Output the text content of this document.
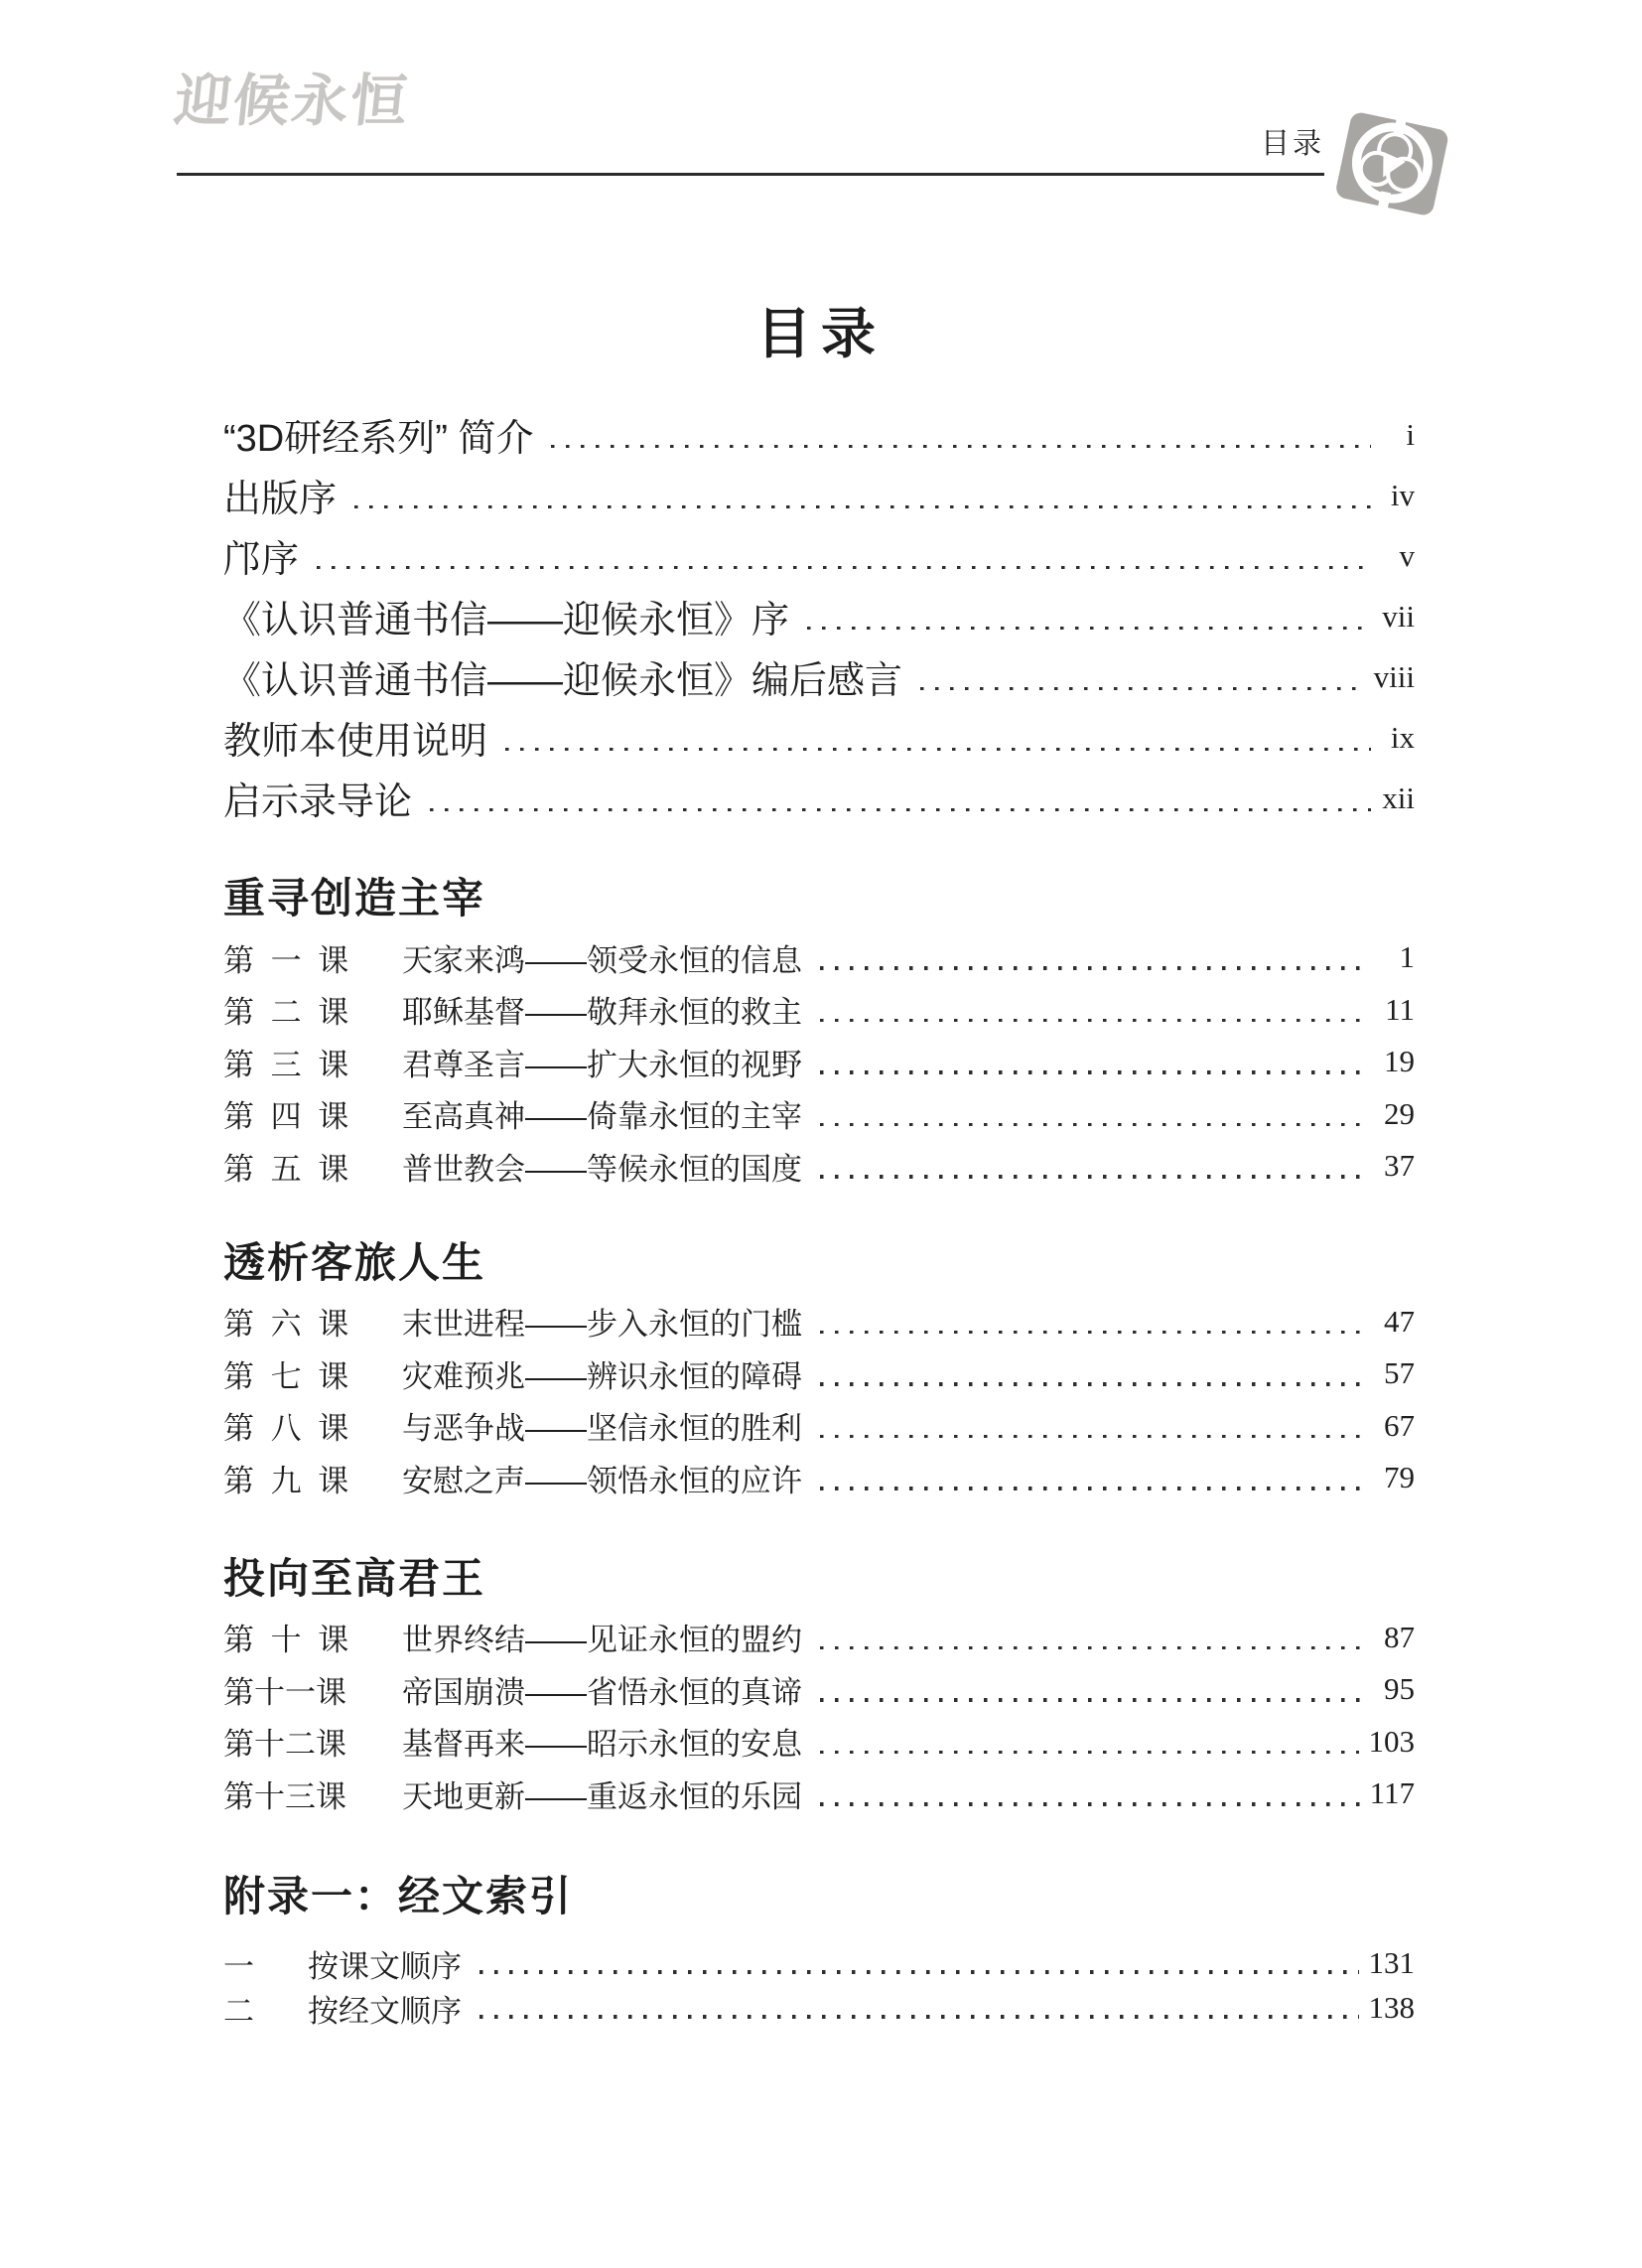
迎候永恒
目录
目录
“3D研经系列” 简介	i
出版序	iv
邝序	v
《认识普通书信——迎候永恒》序	vii
《认识普通书信——迎候永恒》编后感言	viii
教师本使用说明	ix
启示录导论	xii
重寻创造主宰
第 一 课	天家来鸿——领受永恒的信息	1
第 二 课	耶稣基督——敬拜永恒的救主	11
第 三 课	君尊圣言——扩大永恒的视野	19
第 四 课	至高真神——倚靠永恒的主宰	29
第 五 课	普世教会——等候永恒的国度	37
透析客旅人生
第 六 课	末世进程——步入永恒的门槛	47
第 七 课	灾难预兆——辨识永恒的障碍	57
第 八 课	与恶争战——坚信永恒的胜利	67
第 九 课	安慰之声——领悟永恒的应许	79
投向至高君王
第 十 课	世界终结——见证永恒的盟约	87
第十一课	帝国崩溃——省悟永恒的真谛	95
第十二课	基督再来——昭示永恒的安息	103
第十三课	天地更新——重返永恒的乐园	117
附录一：经文索引
一	按课文顺序	131
二	按经文顺序	138
